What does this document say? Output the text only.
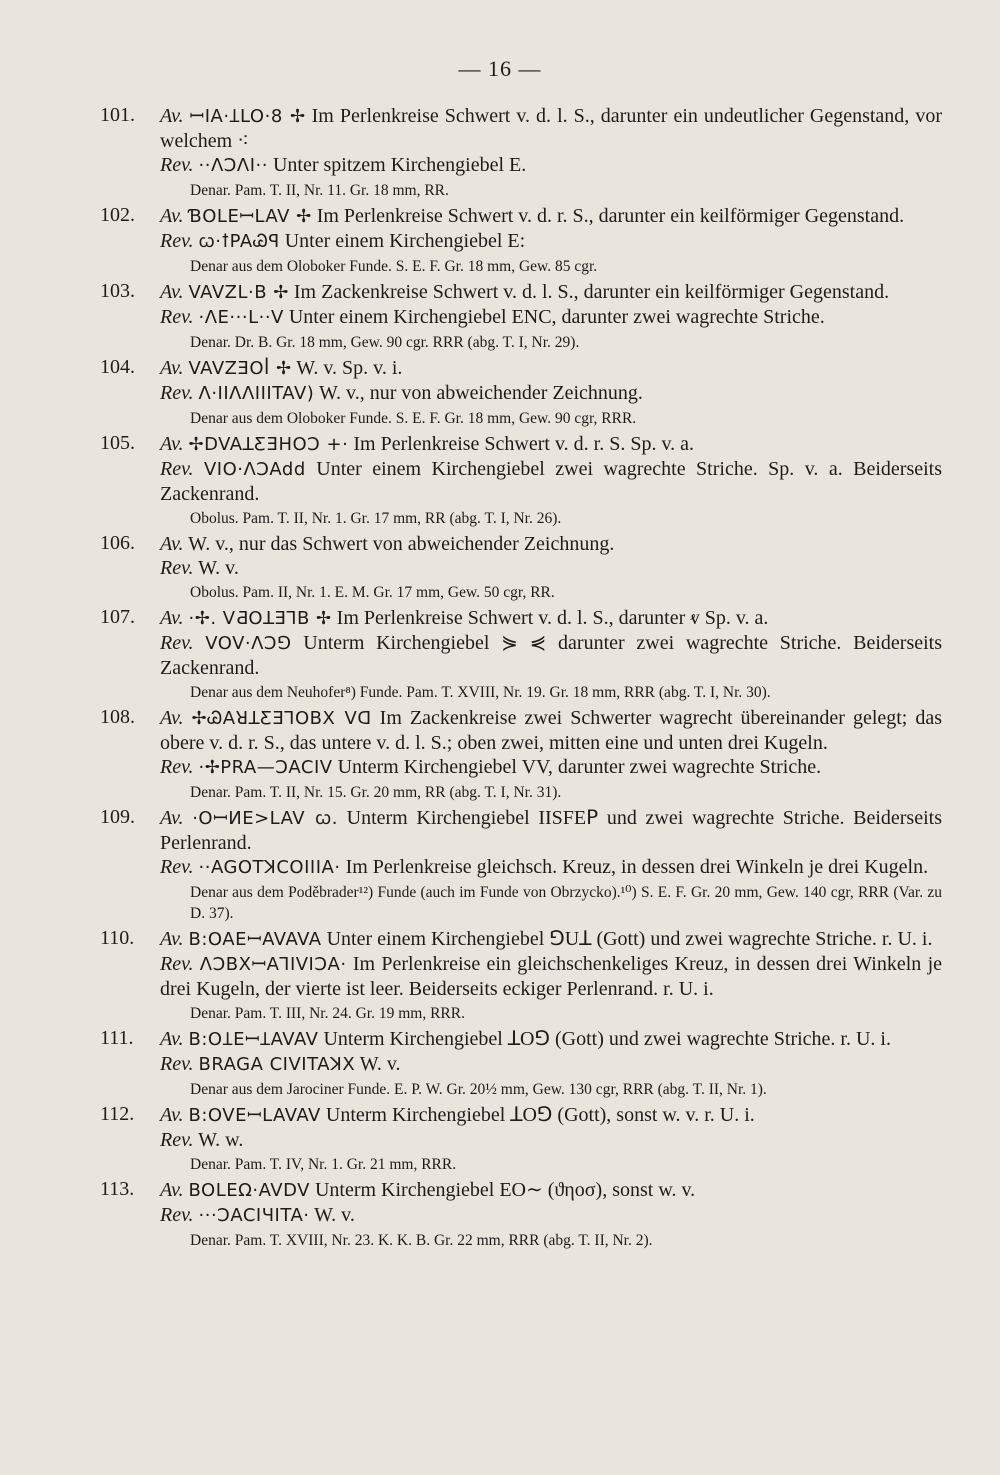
— 16 —
101. Av. ꟷIA·ꞱLO·8 ✢ Im Perlenkreise Schwert v. d. l. S., darunter ein undeutlicher Gegenstand, vor welchem ⁖

Rev. ··ꓥƆꓥI·· Unter spitzem Kirchengiebel E.

Denar. Pam. T. II, Nr. 11. Gr. 18 mm, RR.
102. Av. ƁOLEꟷLAV ✢ Im Perlenkreise Schwert v. d. r. S., darunter ein keilförmiger Gegenstand.

Rev. ꞷ·ꝉPAᏊꟼ Unter einem Kirchengiebel E:

Denar aus dem Oloboker Funde. S. E. F. Gr. 18 mm, Gew. 85 cgr.
103. Av. VAVZL·B ✢ Im Zackenkreise Schwert v. d. l. S., darunter ein keilförmiger Gegenstand.

Rev. ·ΛE···L··V Unter einem Kirchengiebel ENC, darunter zwei wagrechte Striche.

Denar. Dr. B. Gr. 18 mm, Gew. 90 cgr. RRR (abg. T. I, Nr. 29).
104. Av. VAVZƎOꟾ ✢ W. v. Sp. v. i.

Rev. Λ·IIΛΛIIITAV) W. v., nur von abweichender Zeichnung.

Denar aus dem Oloboker Funde. S. E. F. Gr. 18 mm, Gew. 90 cgr, RRR.
105. Av. ✢DVAꓕƸƎHOƆ +· Im Perlenkreise Schwert v. d. r. S. Sp. v. a.

Rev. VIO·ꓥƆAdd Unter einem Kirchengiebel zwei wagrechte Striche. Sp. v. a. Beiderseits Zackenrand.

Obolus. Pam. T. II, Nr. 1. Gr. 17 mm, RR (abg. T. I, Nr. 26).
106. Av. W. v., nur das Schwert von abweichender Zeichnung.

Rev. W. v.

Obolus. Pam. II, Nr. 1. E. M. Gr. 17 mm, Gew. 50 cgr, RR.
107. Av. ·✢. VƋOꓕƎꓶB ✢ Im Perlenkreise Schwert v. d. l. S., darunter ⱴ Sp. v. a.

Rev. VOV·ꓥƆꓨ Unterm Kirchengiebel ⋟ ⋞ darunter zwei wagrechte Striche. Beiderseits Zackenrand.

Denar aus dem Neuhofer⁸) Funde. Pam. T. XVIII, Nr. 19. Gr. 18 mm, RRR (abg. T. I, Nr. 30).
108. Av. ✢ᏊAꓤꓕƸƎꓶOBX Vꓷ Im Zackenkreise zwei Schwerter wagrecht übereinander gelegt; das obere v. d. r. S., das untere v. d. l. S.; oben zwei, mitten eine und unten drei Kugeln.

Rev. ·✢PRA—ƆACIV Unterm Kirchengiebel VV, darunter zwei wagrechte Striche.

Denar. Pam. T. II, Nr. 15. Gr. 20 mm, RR (abg. T. I, Nr. 31).
109. Av. ·OꟷИE>LAV ꞷ. Unterm Kirchengiebel IISFEꓑ und zwei wagrechte Striche. Beiderseits Perlenrand.

Rev. ··AGOTꓘCOIIIA· Im Perlenkreise gleichsch. Kreuz, in dessen drei Winkeln je drei Kugeln.

Denar aus dem Poděbrader¹²) Funde (auch im Funde von Obrzycko).¹⁰) S. E. F. Gr. 20 mm, Gew. 140 cgr, RRR (Var. zu D. 37).
110. Av. B:OAEꟷAVAVA Unter einem Kirchengiebel ꓨUꓕ (Gott) und zwei wagrechte Striche. r. U. i.

Rev. ꓥƆBXꟷAꓶIVIƆA· Im Perlenkreise ein gleichschenkeliges Kreuz, in dessen drei Winkeln je drei Kugeln, der vierte ist leer. Beiderseits eckiger Perlenrand. r. U. i.

Denar. Pam. T. III, Nr. 24. Gr. 19 mm, RRR.
111. Av. B:OꞱEꟷꞱAVAV Unterm Kirchengiebel ꓕOꓨ (Gott) und zwei wagrechte Striche. r. U. i.

Rev. BRAGA CIVITAꓘX W. v.

Denar aus dem Jarociner Funde. E. P. W. Gr. 20½ mm, Gew. 130 cgr, RRR (abg. T. II, Nr. 1).
112. Av. B:OVEꟷLAVAV Unterm Kirchengiebel ꓕOꓨ (Gott), sonst w. v. r. U. i.

Rev. W. w.

Denar. Pam. T. IV, Nr. 1. Gr. 21 mm, RRR.
113. Av. BOLEΩ·AVDV Unterm Kirchengiebel EO∼ (ϑηοσ), sonst w. v.

Rev. ···ƆACIЧITA· W. v.

Denar. Pam. T. XVIII, Nr. 23. K. K. B. Gr. 22 mm, RRR (abg. T. II, Nr. 2).
